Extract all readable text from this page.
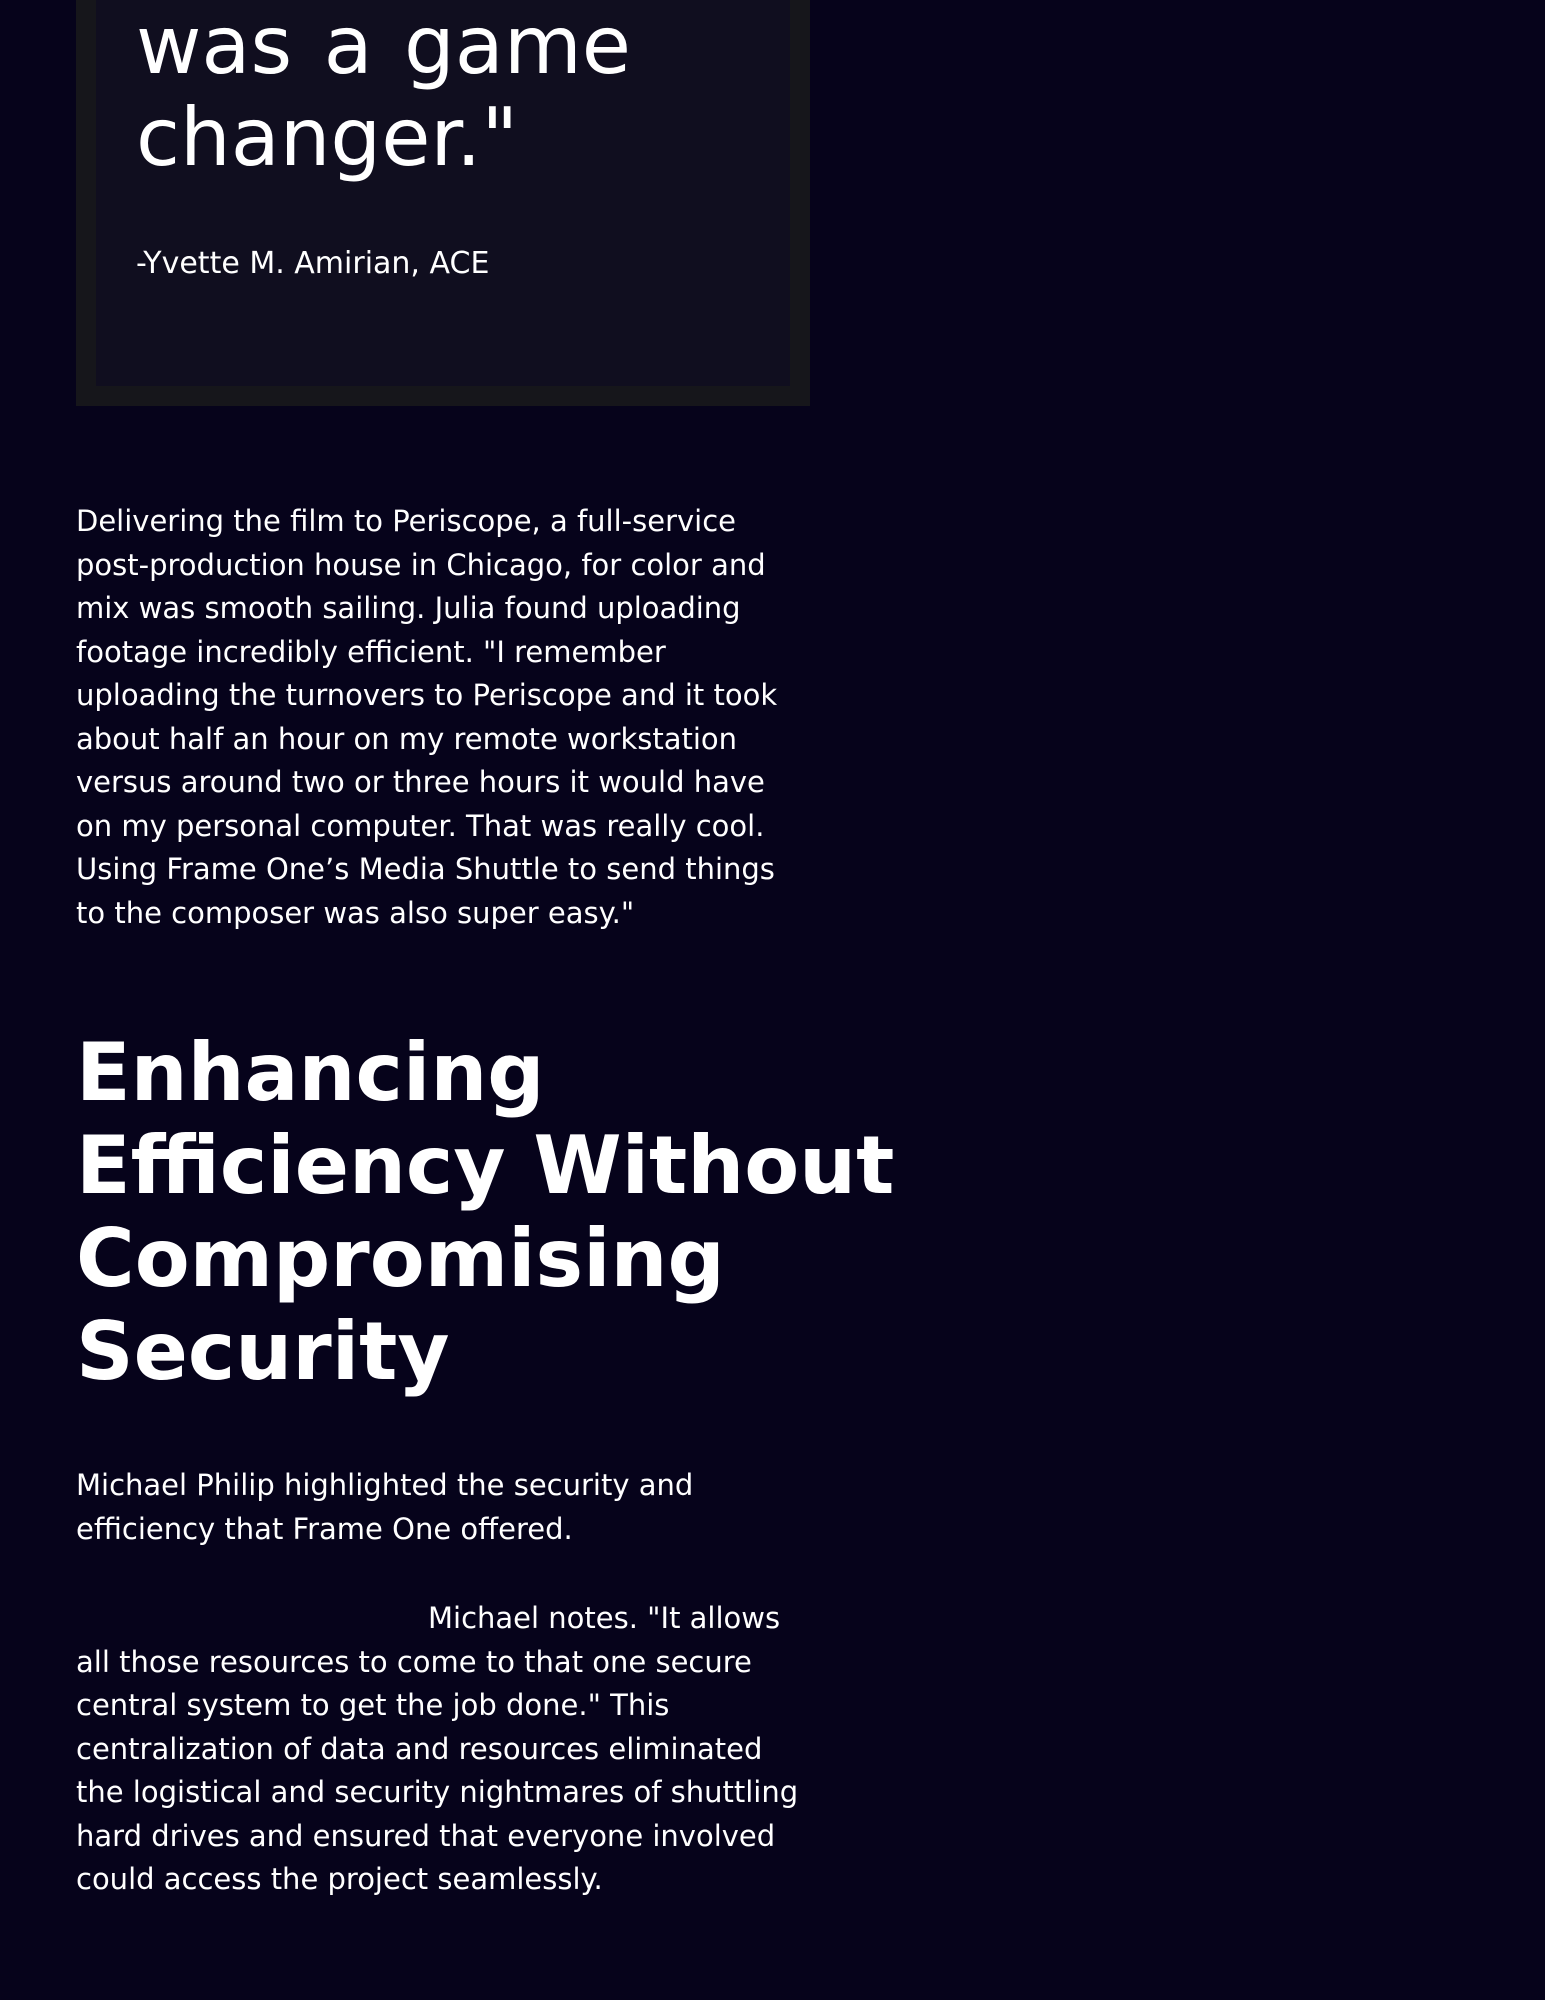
was a game
changer."

-Yvette M. Amirian, ACE

Delivering the film to Periscope, a full-service
post-production house in Chicago, for color and
mix was smooth sailing. Julia found uploading
footage incredibly efficient. "I remember
uploading the turnovers to Periscope and it took
about half an hour on my remote workstation
versus around two or three hours it would have
on my personal computer. That was really cool.
Using Frame One’s Media Shuttle to send things
to the composer was also super easy."

Enhancing
Efficiency Without
Compromising
Security

Michael Philip highlighted the security and
efficiency that Frame One offered.

Michael notes. "It allows
all those resources to come to that one secure
central system to get the job done." This
centralization of data and resources eliminated
the logistical and security nightmares of shuttling
hard drives and ensured that everyone involved
could access the project seamlessly.
